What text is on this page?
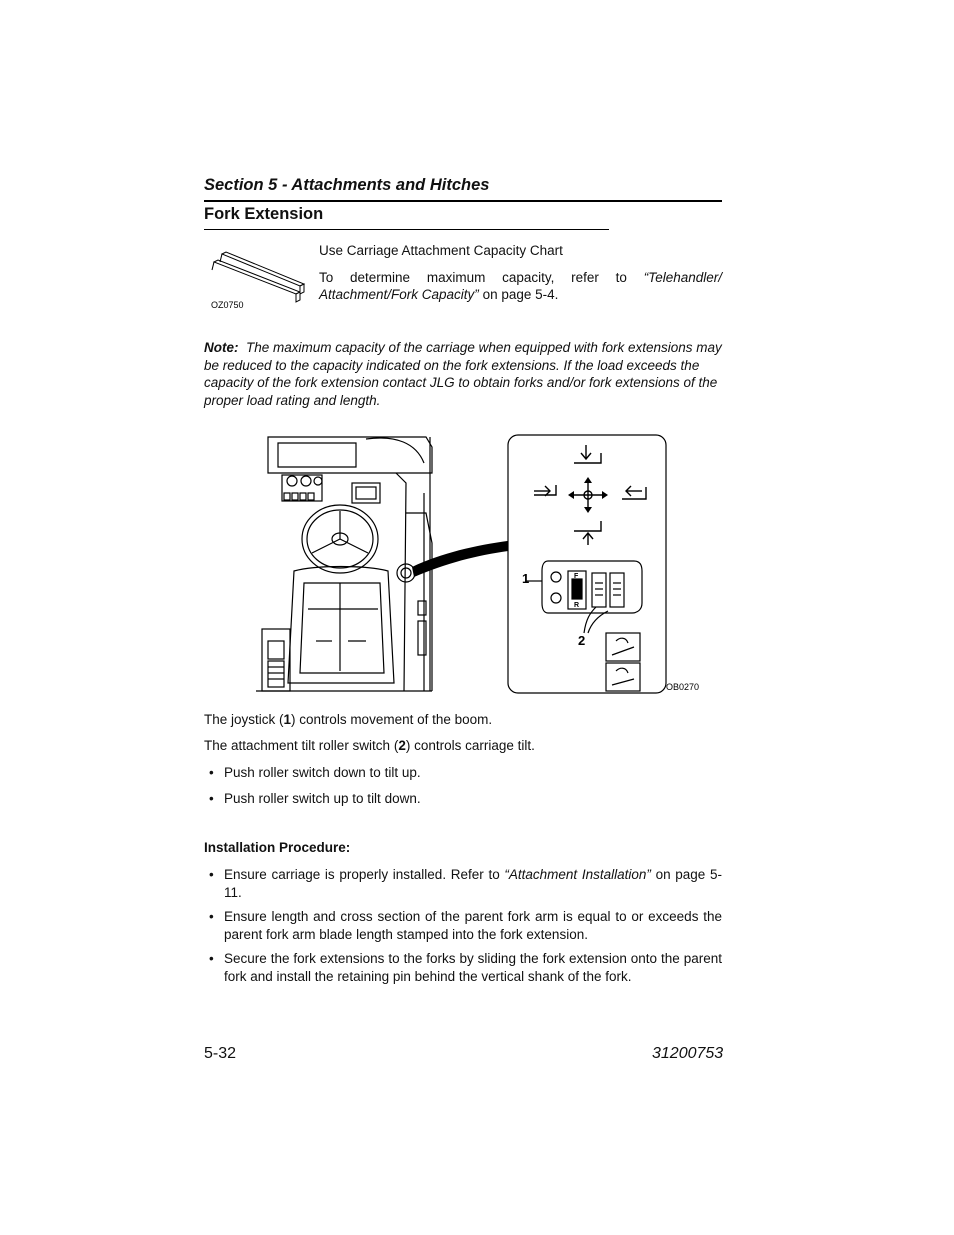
Section 5 - Attachments and Hitches
Fork Extension
OZ0750
Use Carriage Attachment Capacity Chart
To determine maximum capacity, refer to “Telehandler/ Attachment/Fork Capacity” on page 5-4.
Note: The maximum capacity of the carriage when equipped with fork extensions may be reduced to the capacity indicated on the fork extensions. If the load exceeds the capacity of the fork extension contact JLG to obtain forks and/or fork extensions of the proper load rating and length.
1
2
F
R
OB0270
The joystick (1) controls movement of the boom.
The attachment tilt roller switch (2) controls carriage tilt.
• Push roller switch down to tilt up.
• Push roller switch up to tilt down.
Installation Procedure:
• Ensure carriage is properly installed. Refer to “Attachment Installation” on page 5-11.
• Ensure length and cross section of the parent fork arm is equal to or exceeds the parent fork arm blade length stamped into the fork extension.
• Secure the fork extensions to the forks by sliding the fork extension onto the parent fork and install the retaining pin behind the vertical shank of the fork.
5-32	31200753
